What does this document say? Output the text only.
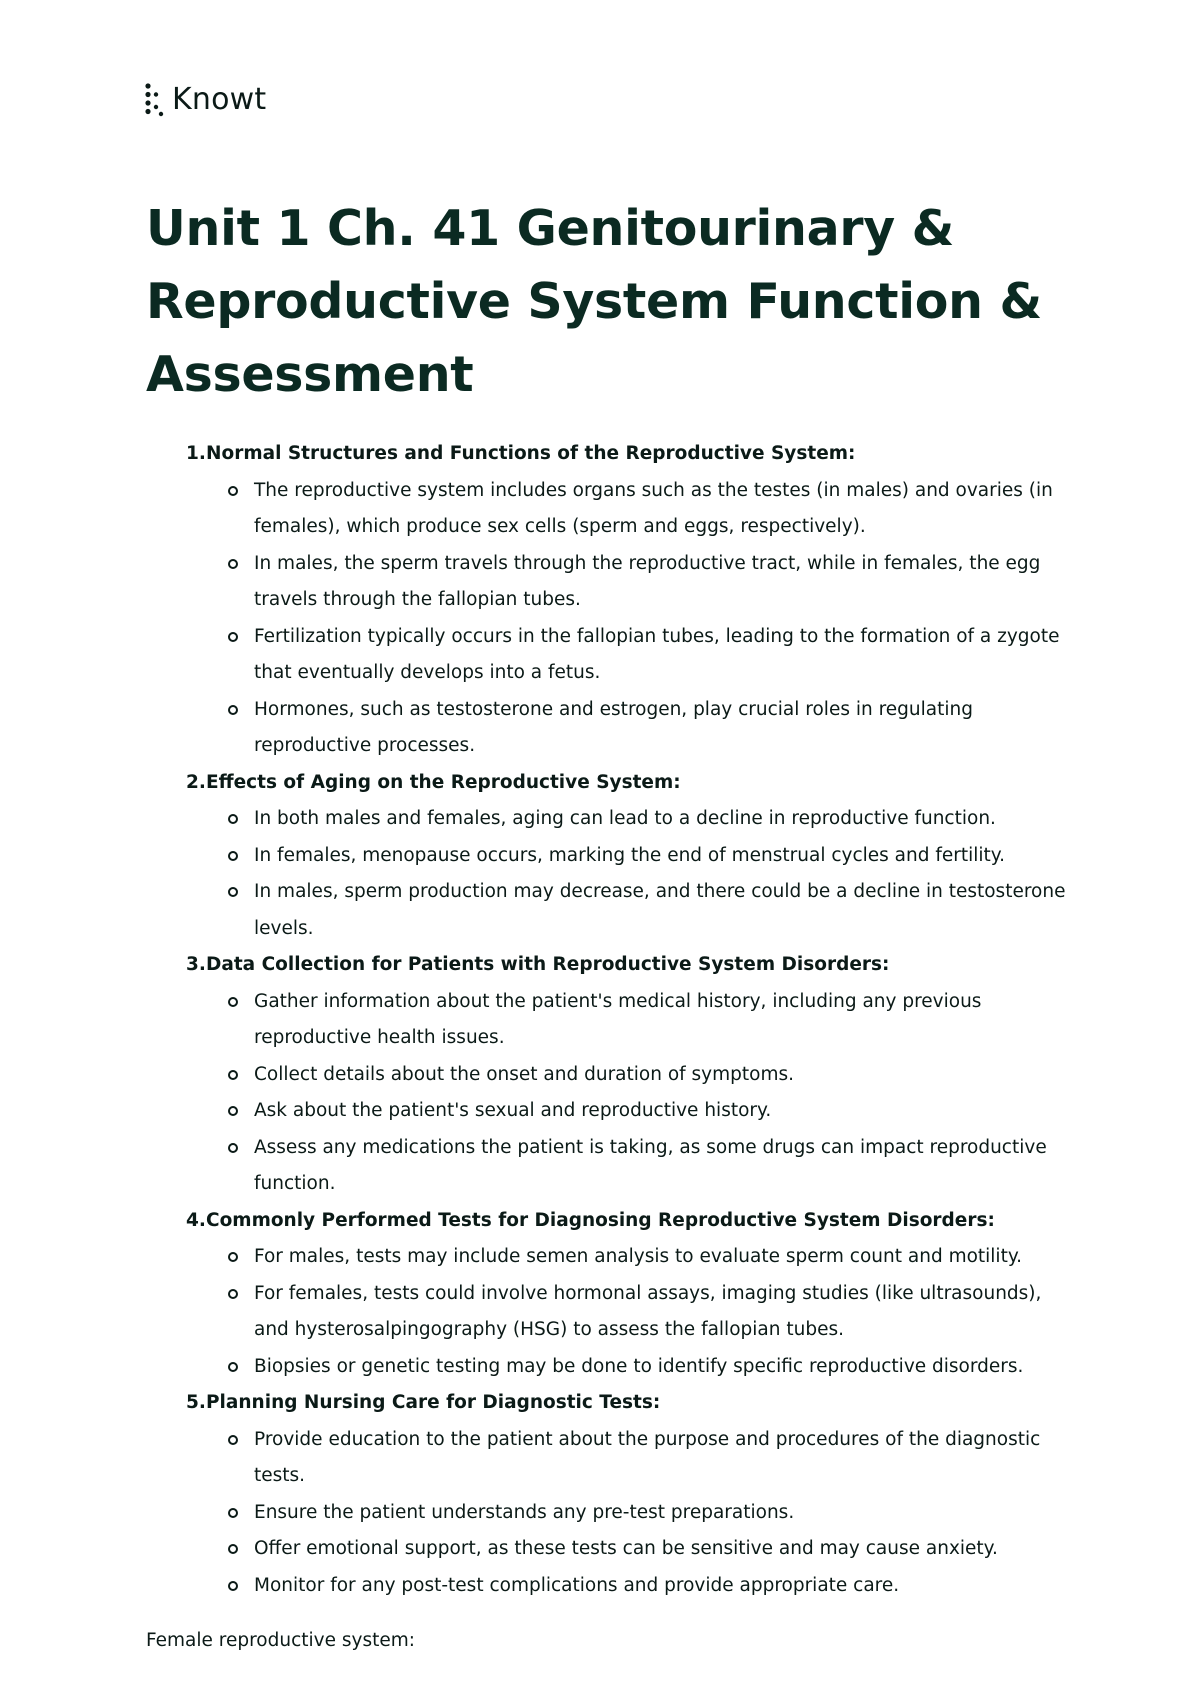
Knowt
Unit 1 Ch. 41 Genitourinary & Reproductive System Function & Assessment
1. Normal Structures and Functions of the Reproductive System:
The reproductive system includes organs such as the testes (in males) and ovaries (in females), which produce sex cells (sperm and eggs, respectively).
In males, the sperm travels through the reproductive tract, while in females, the egg travels through the fallopian tubes.
Fertilization typically occurs in the fallopian tubes, leading to the formation of a zygote that eventually develops into a fetus.
Hormones, such as testosterone and estrogen, play crucial roles in regulating reproductive processes.
2. Effects of Aging on the Reproductive System:
In both males and females, aging can lead to a decline in reproductive function.
In females, menopause occurs, marking the end of menstrual cycles and fertility.
In males, sperm production may decrease, and there could be a decline in testosterone levels.
3. Data Collection for Patients with Reproductive System Disorders:
Gather information about the patient's medical history, including any previous reproductive health issues.
Collect details about the onset and duration of symptoms.
Ask about the patient's sexual and reproductive history.
Assess any medications the patient is taking, as some drugs can impact reproductive function.
4. Commonly Performed Tests for Diagnosing Reproductive System Disorders:
For males, tests may include semen analysis to evaluate sperm count and motility.
For females, tests could involve hormonal assays, imaging studies (like ultrasounds), and hysterosalpingography (HSG) to assess the fallopian tubes.
Biopsies or genetic testing may be done to identify specific reproductive disorders.
5. Planning Nursing Care for Diagnostic Tests:
Provide education to the patient about the purpose and procedures of the diagnostic tests.
Ensure the patient understands any pre-test preparations.
Offer emotional support, as these tests can be sensitive and may cause anxiety.
Monitor for any post-test complications and provide appropriate care.
Female reproductive system:
